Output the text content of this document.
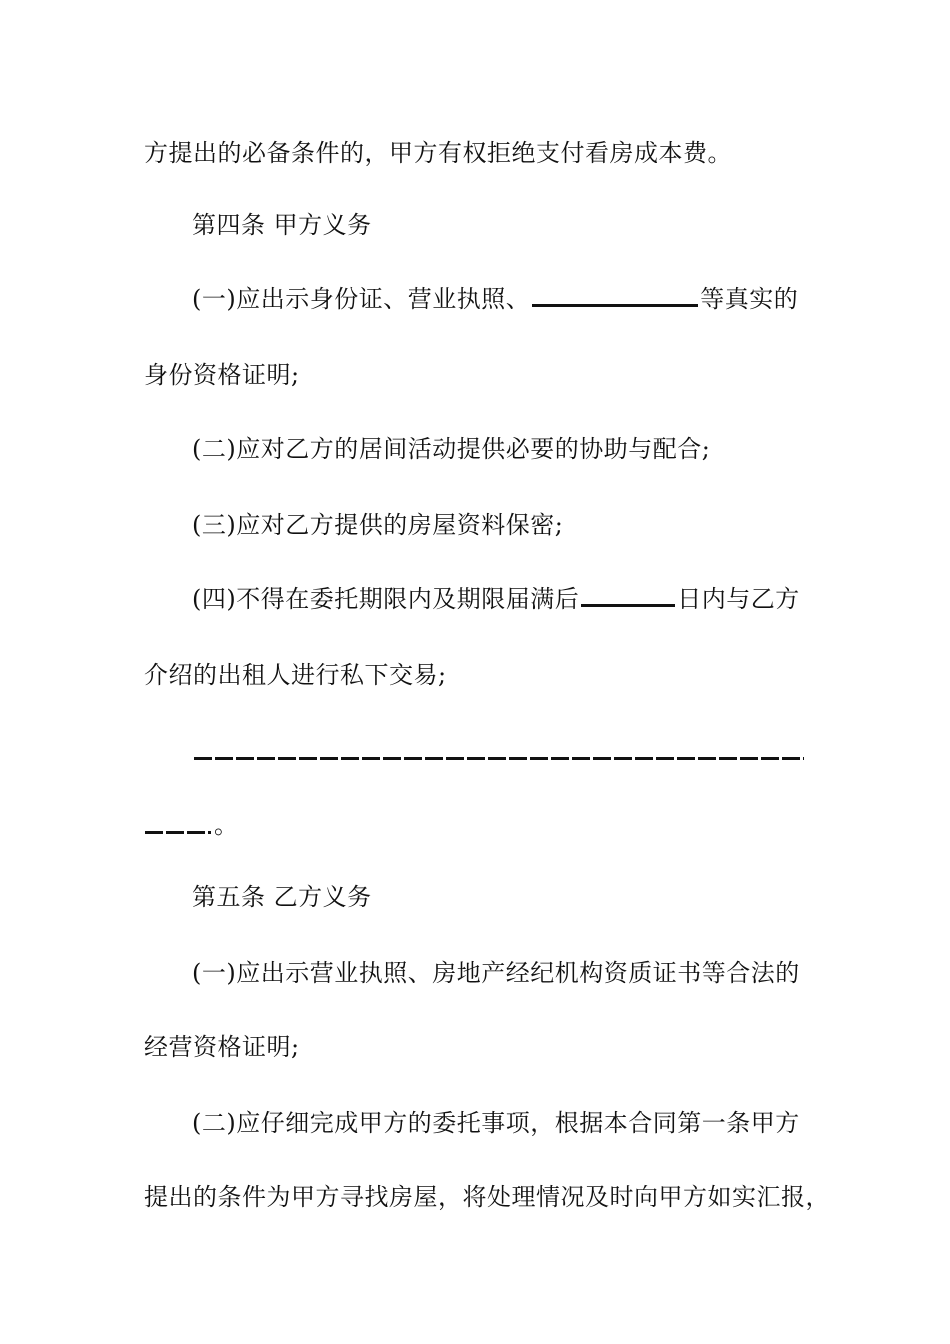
方提出的必备条件的，甲方有权拒绝支付看房成本费。
第四条 甲方义务
(一)应出示身份证、营业执照、	等真实的
身份资格证明;
(二)应对乙方的居间活动提供必要的协助与配合;
(三)应对乙方提供的房屋资料保密;
(四)不得在委托期限内及期限届满后	日内与乙方
介绍的出租人进行私下交易;
。
第五条 乙方义务
(一)应出示营业执照、房地产经纪机构资质证书等合法的
经营资格证明;
(二)应仔细完成甲方的委托事项，根据本合同第一条甲方
提出的条件为甲方寻找房屋，将处理情况及时向甲方如实汇报，
